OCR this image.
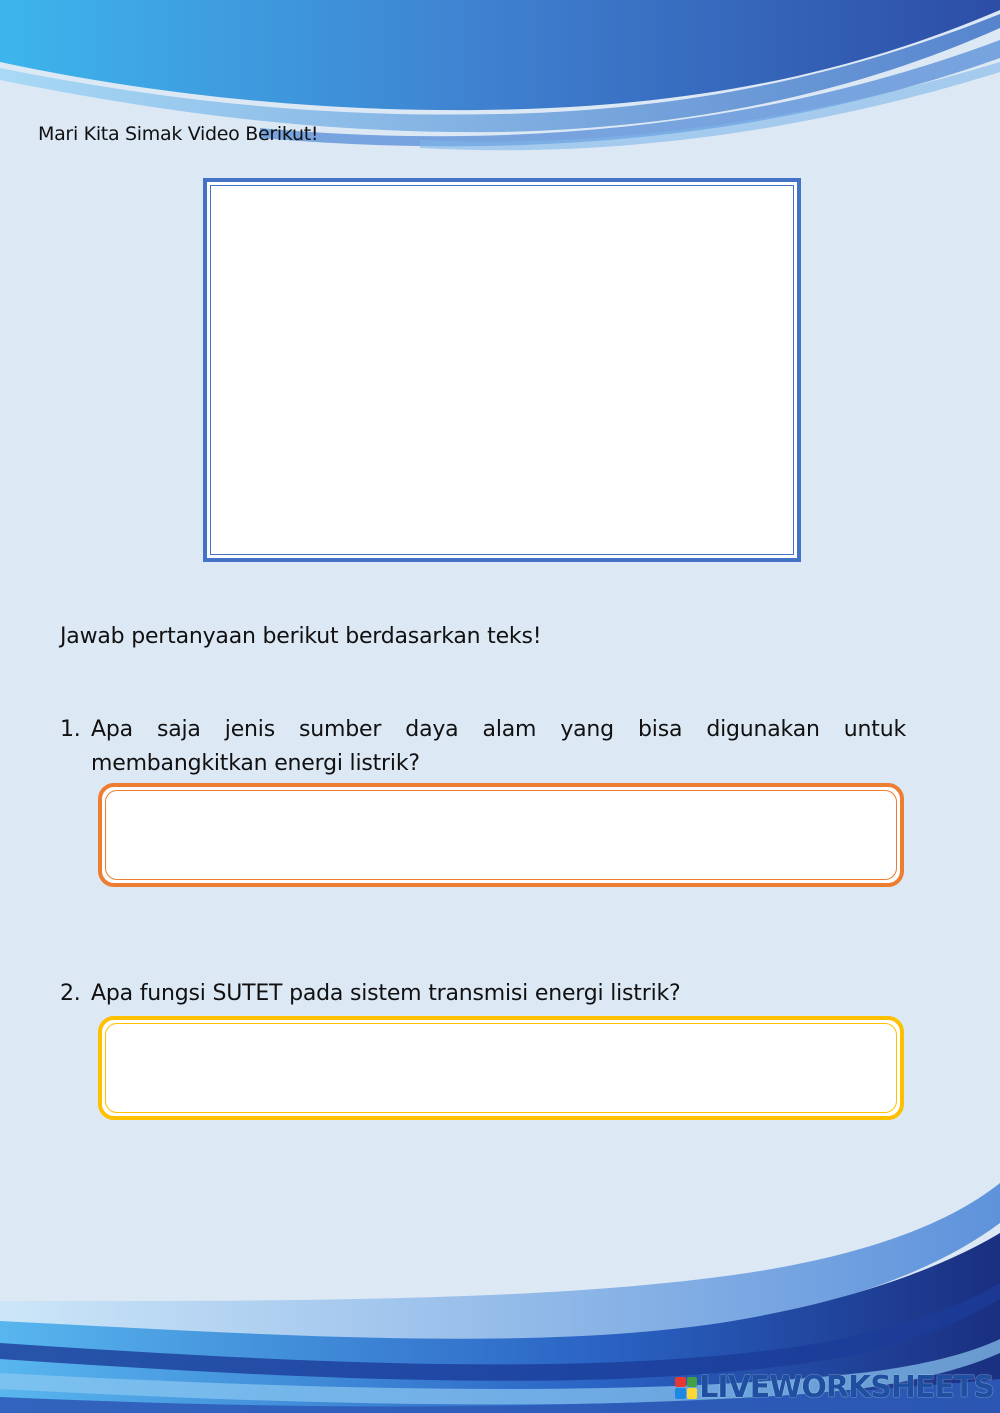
Mari Kita Simak Video Berikut!
Jawab pertanyaan berikut berdasarkan teks!
1. Apa saja jenis sumber daya alam yang bisa digunakan untuk membangkitkan energi listrik?
2. Apa fungsi SUTET pada sistem transmisi energi listrik?
LIVEWORKSHEETS
